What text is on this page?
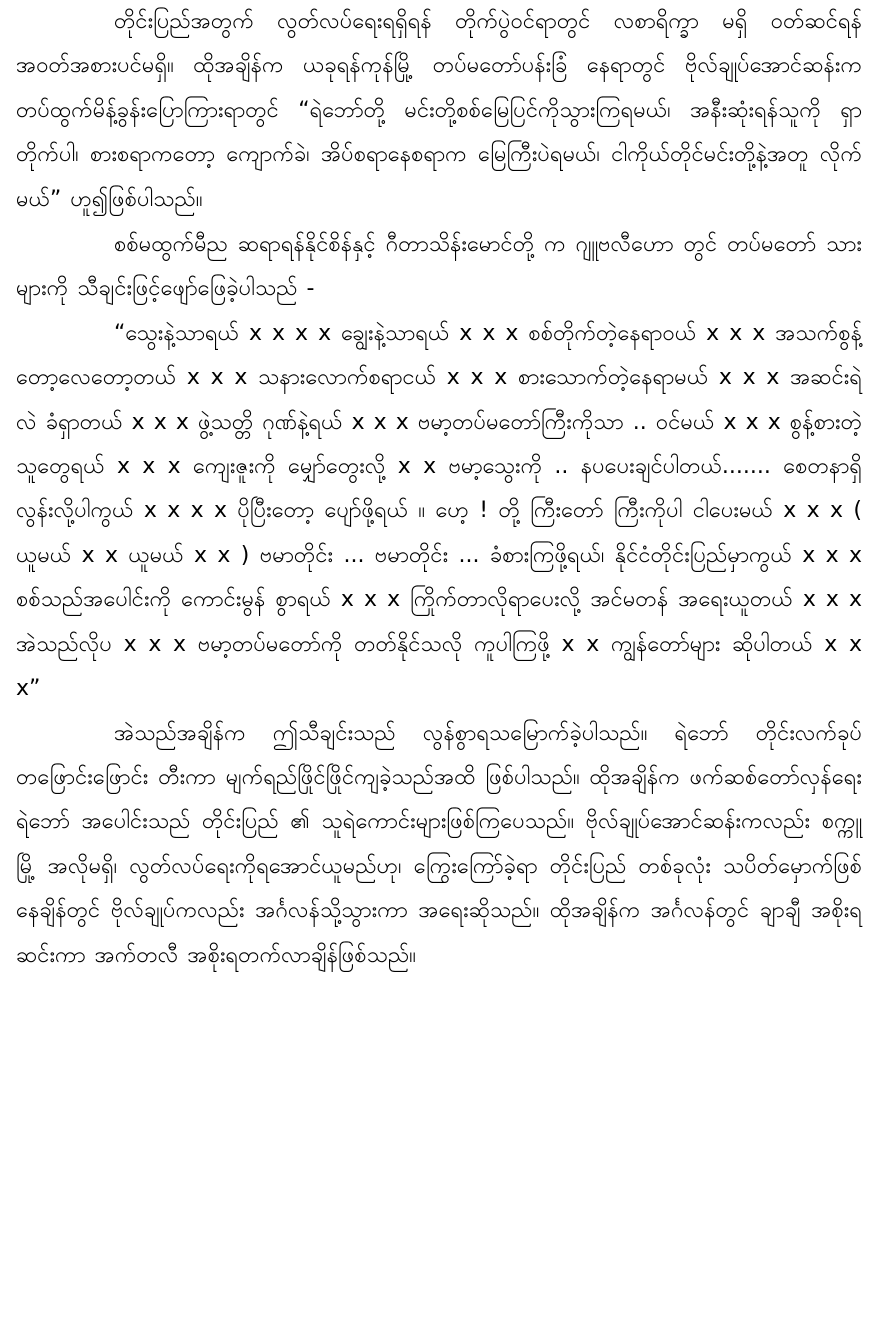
တိုင်းပြည်အတွက် လွတ်လပ်ရေးရရှိရန် တိုက်ပွဲဝင်ရာတွင် လစာရိက္ခာ မရှိ ဝတ်ဆင်ရန်အဝတ်အစားပင်မရှိ။ ထိုအချိန်က ယခုရန်ကုန်မြို့ တပ်မတော်ပန်းခြံ နေရာတွင် ဗိုလ်ချုပ်အောင်ဆန်းက တပ်ထွက်မိန့်ခွန်းပြောကြားရာတွင် “ရဲဘော်တို့ မင်းတို့စစ်မြေပြင်ကိုသွားကြရမယ်၊ အနီးဆုံးရန်သူကို ရှာတိုက်ပါ၊ စားစရာကတော့ ကျောက်ခဲ၊ အိပ်စရာနေစရာက မြေကြီးပဲရမယ်၊ ငါကိုယ်တိုင်မင်းတို့နဲ့အတူ လိုက်မယ်” ဟူ၍ဖြစ်ပါသည်။

စစ်မထွက်မီည ဆရာရန်နိုင်စိန်နှင့် ဂီတာသိန်းမောင်တို့ က ဂျူဗလီဟော တွင် တပ်မတော် သားများကို သီချင်းဖြင့်ဖျော်ဖြေခဲ့ပါသည် -

“သွေးနဲ့သာရယ် x x x x ချွေးနဲ့သာရယ် x x x စစ်တိုက်တဲ့နေရာဝယ် x x x အသက်စွန့် တော့လေတော့တယ် x x x သနားလောက်စရာငယ် x x x စားသောက်တဲ့နေရာမယ် x x x အဆင်းရဲလဲ ခံရှာတယ် x x x ဖွဲ့သတ္တိ ဂုဏ်နဲ့ရယ် x x x ဗမာ့တပ်မတော်ကြီးကိုသာ .. ဝင်မယ် x x x စွန့်စားတဲ့သူတွေရယ် x x x ကျေးဇူးကို မျှော်တွေးလို့ x x ဗမာ့သွေးကို .. နပပေးချင်ပါတယ်....... စေတနာရှိလွန်းလို့ပါကွယ် x x x x ပိုပြီးတော့ ပျော်ဖို့ရယ် ။ ဟေ့ ! တို့ ကြီးတော် ကြီးကိုပါ ငါပေးမယ် x x x ( ယူမယ် x x ယူမယ် x x ) ဗမာတိုင်း ... ဗမာတိုင်း ... ခံစားကြဖို့ရယ်၊ နိုင်ငံတိုင်းပြည်မှာကွယ် x x x စစ်သည်အပေါင်းကို ကောင်းမွန် စွာရယ် x x x ကြိုက်တာလိုရာပေးလို့ အင်မတန် အရေးယူတယ် x x x အဲသည်လိုပ x x x ဗမာ့တပ်မတော်ကို တတ်နိုင်သလို ကူပါကြဖို့ x x ကျွန်တော်များ ဆိုပါတယ် x x x”

အဲသည်အချိန်က ဤသီချင်းသည် လွန်စွာရသမြောက်ခဲ့ပါသည်။ ရဲဘော် တိုင်းလက်ခုပ်တဖြောင်းဖြောင်း တီးကာ မျက်ရည်ဖြိုင်ဖြိုင်ကျခဲ့သည်အထိ ဖြစ်ပါသည်။ ထိုအချိန်က ဖက်ဆစ်တော်လှန်ရေးရဲဘော် အပေါင်းသည် တိုင်းပြည် ၏ သူရဲကောင်းများဖြစ်ကြပေသည်။ ဗိုလ်ချုပ်အောင်ဆန်းကလည်း စက္ကူမြို့ အလိုမရှိ၊ လွတ်လပ်ရေးကိုရအောင်ယူမည်ဟု၊ ကြွေးကြော်ခဲ့ရာ တိုင်းပြည် တစ်ခုလုံး သပိတ်မှောက်ဖြစ်နေချိန်တွင် ဗိုလ်ချုပ်ကလည်း အင်္ဂလန်သို့သွားကာ အရေးဆိုသည်။ ထိုအချိန်က အင်္ဂလန်တွင် ချာချီ အစိုးရဆင်းကာ အက်တလီ အစိုးရတက်လာချိန်ဖြစ်သည်။
